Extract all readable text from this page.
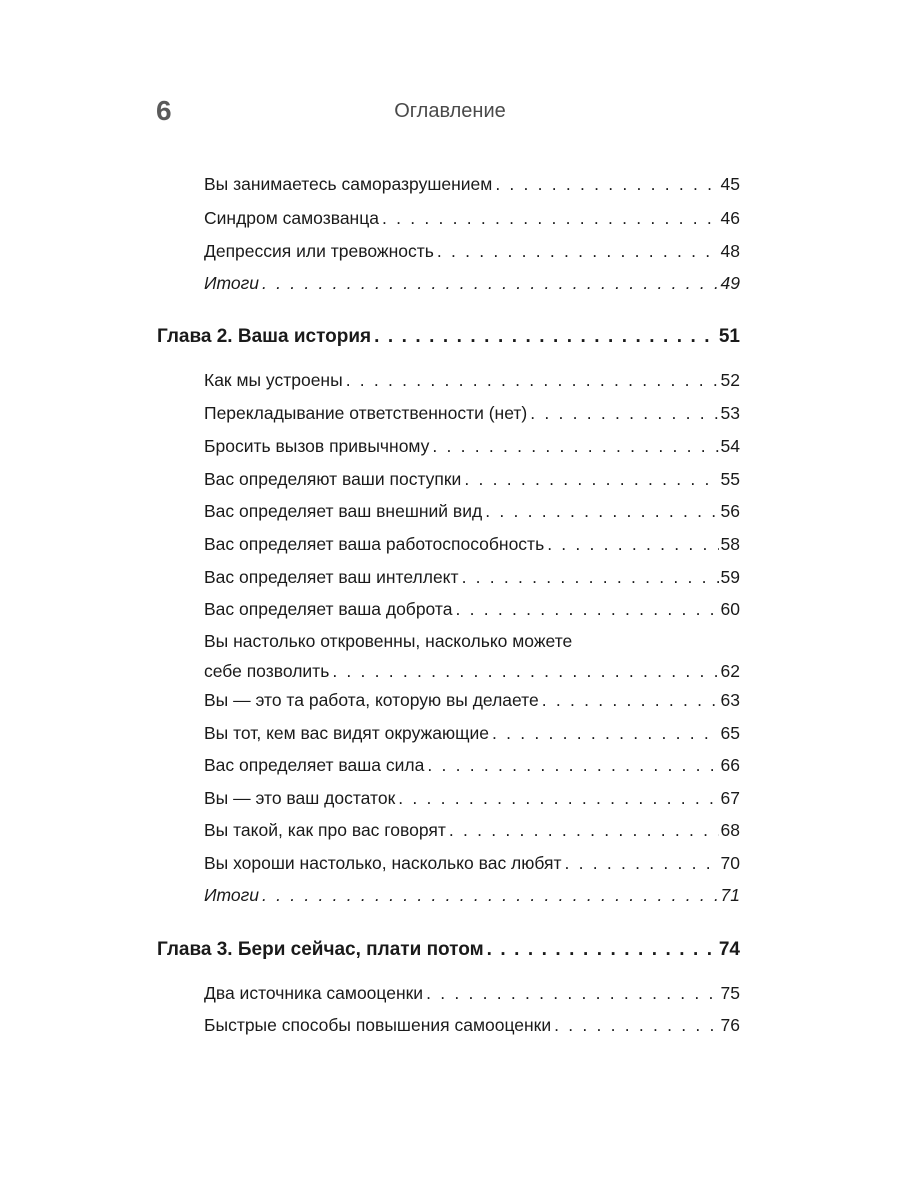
6	Оглавление
Вы занимаетесь саморазрушением . . .	45
Синдром самозванца . . .	46
Депрессия или тревожность . . .	48
Итоги . . .	49
Глава 2. Ваша история . . .	51
Как мы устроены . . .	52
Перекладывание ответственности (нет) . . .	53
Бросить вызов привычному . . .	54
Вас определяют ваши поступки . . .	55
Вас определяет ваш внешний вид . . .	56
Вас определяет ваша работоспособность . . .	58
Вас определяет ваш интеллект . . .	59
Вас определяет ваша доброта . . .	60
Вы настолько откровенны, насколько можете
себе позволить . . .	62
Вы — это та работа, которую вы делаете . . .	63
Вы тот, кем вас видят окружающие . . .	65
Вас определяет ваша сила . . .	66
Вы — это ваш достаток . . .	67
Вы такой, как про вас говорят . . .	68
Вы хороши настолько, насколько вас любят . . .	70
Итоги . . .	71
Глава 3. Бери сейчас, плати потом . . .	74
Два источника самооценки . . .	75
Быстрые способы повышения самооценки . . .	76
